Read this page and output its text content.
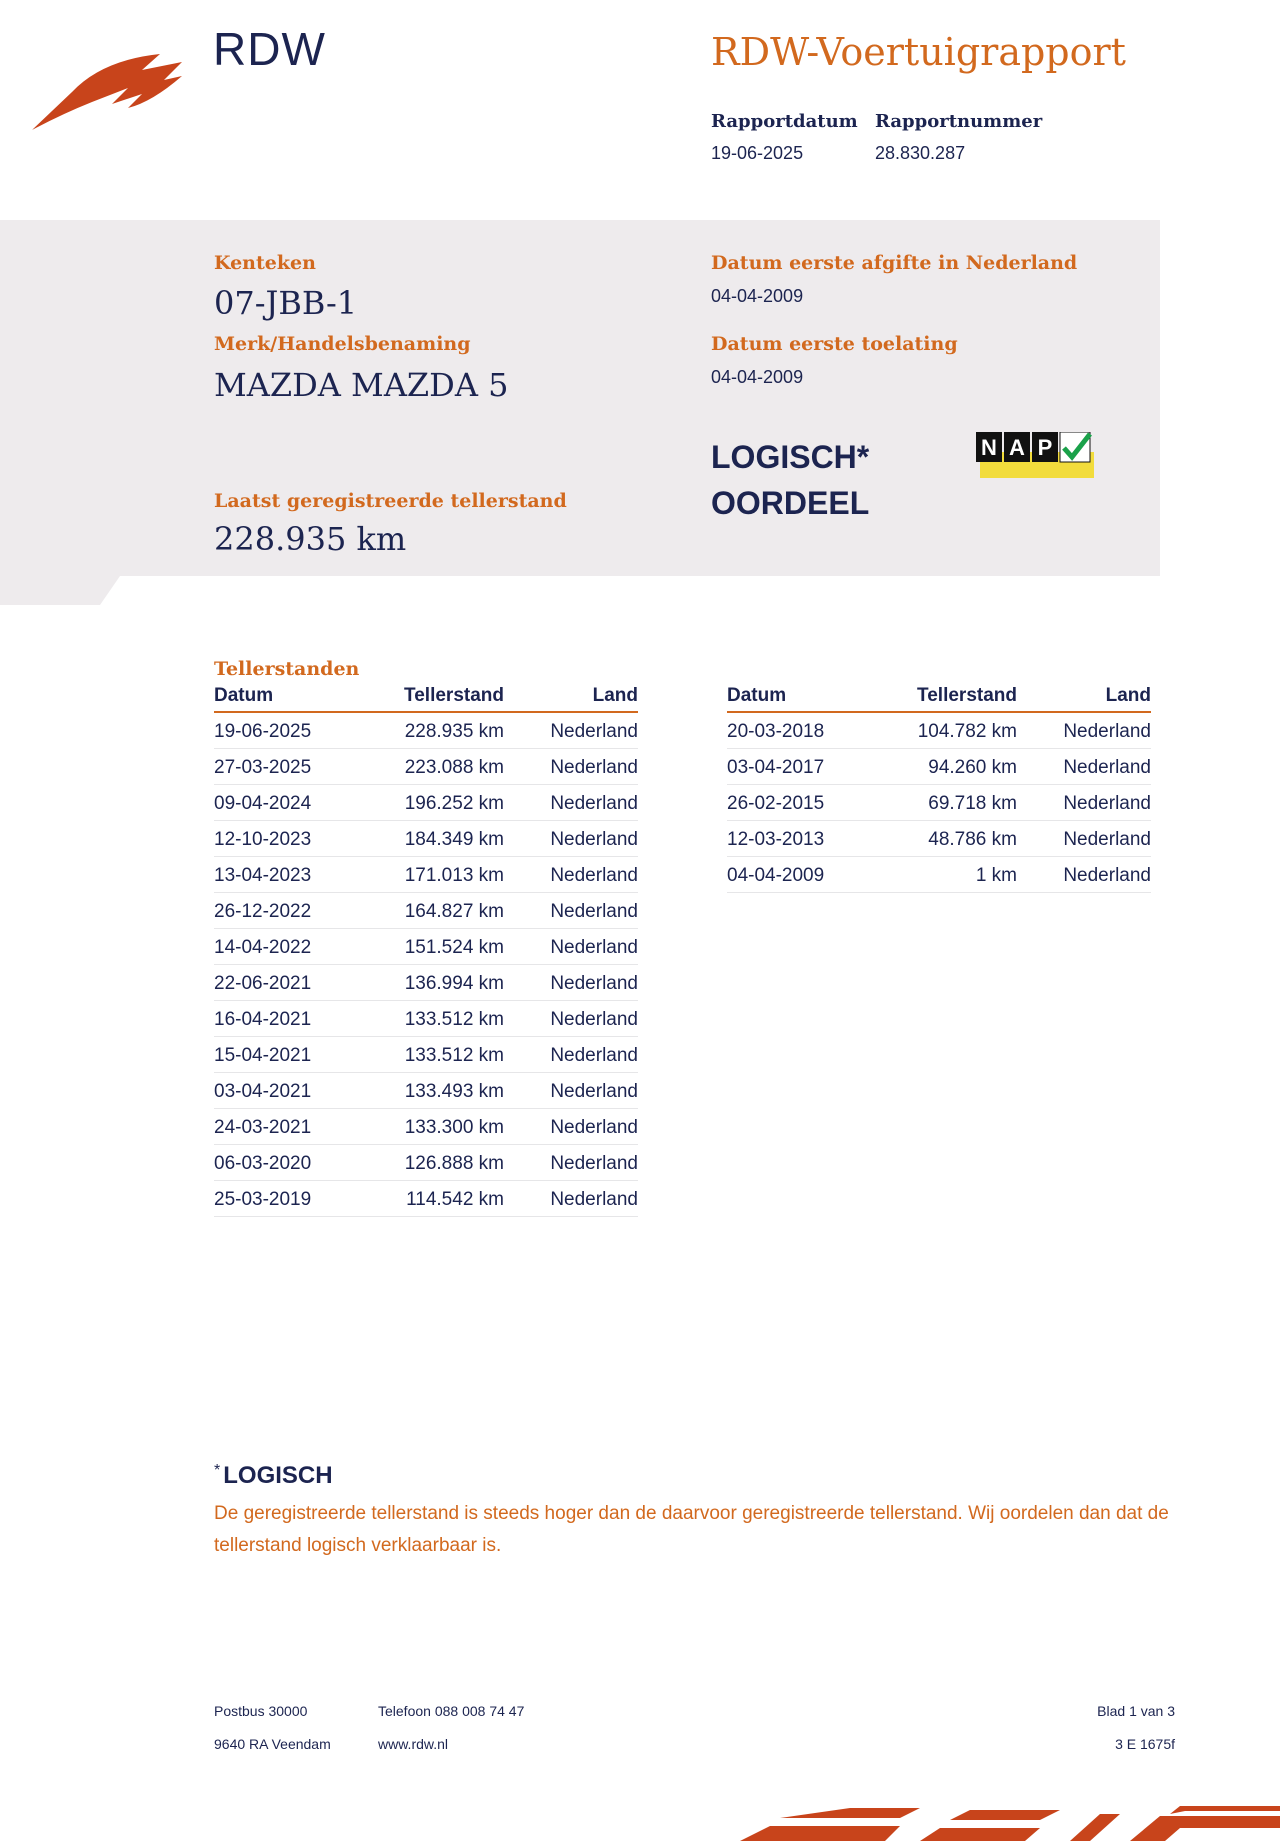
RDW	RDW-Voertuigrapport
Rapportdatum
19-06-2025
Rapportnummer
28.830.287
Kenteken
07-JBB-1
Merk/Handelsbenaming
MAZDA MAZDA 5
Laatst geregistreerde tellerstand
228.935 km
Datum eerste afgifte in Nederland
04-04-2009
Datum eerste toelating
04-04-2009
LOGISCH*
OORDEEL
N A P
Tellerstanden
Datum	Tellerstand	Land
19-06-2025	228.935 km	Nederland
27-03-2025	223.088 km	Nederland
09-04-2024	196.252 km	Nederland
12-10-2023	184.349 km	Nederland
13-04-2023	171.013 km	Nederland
26-12-2022	164.827 km	Nederland
14-04-2022	151.524 km	Nederland
22-06-2021	136.994 km	Nederland
16-04-2021	133.512 km	Nederland
15-04-2021	133.512 km	Nederland
03-04-2021	133.493 km	Nederland
24-03-2021	133.300 km	Nederland
06-03-2020	126.888 km	Nederland
25-03-2019	114.542 km	Nederland
Datum	Tellerstand	Land
20-03-2018	104.782 km	Nederland
03-04-2017	94.260 km	Nederland
26-02-2015	69.718 km	Nederland
12-03-2013	48.786 km	Nederland
04-04-2009	1 km	Nederland
* LOGISCH
De geregistreerde tellerstand is steeds hoger dan de daarvoor geregistreerde tellerstand. Wij oordelen dan dat de tellerstand logisch verklaarbaar is.
Postbus 30000
9640 RA Veendam
Telefoon 088 008 74 47
www.rdw.nl
Blad 1 van 3
3 E 1675f
